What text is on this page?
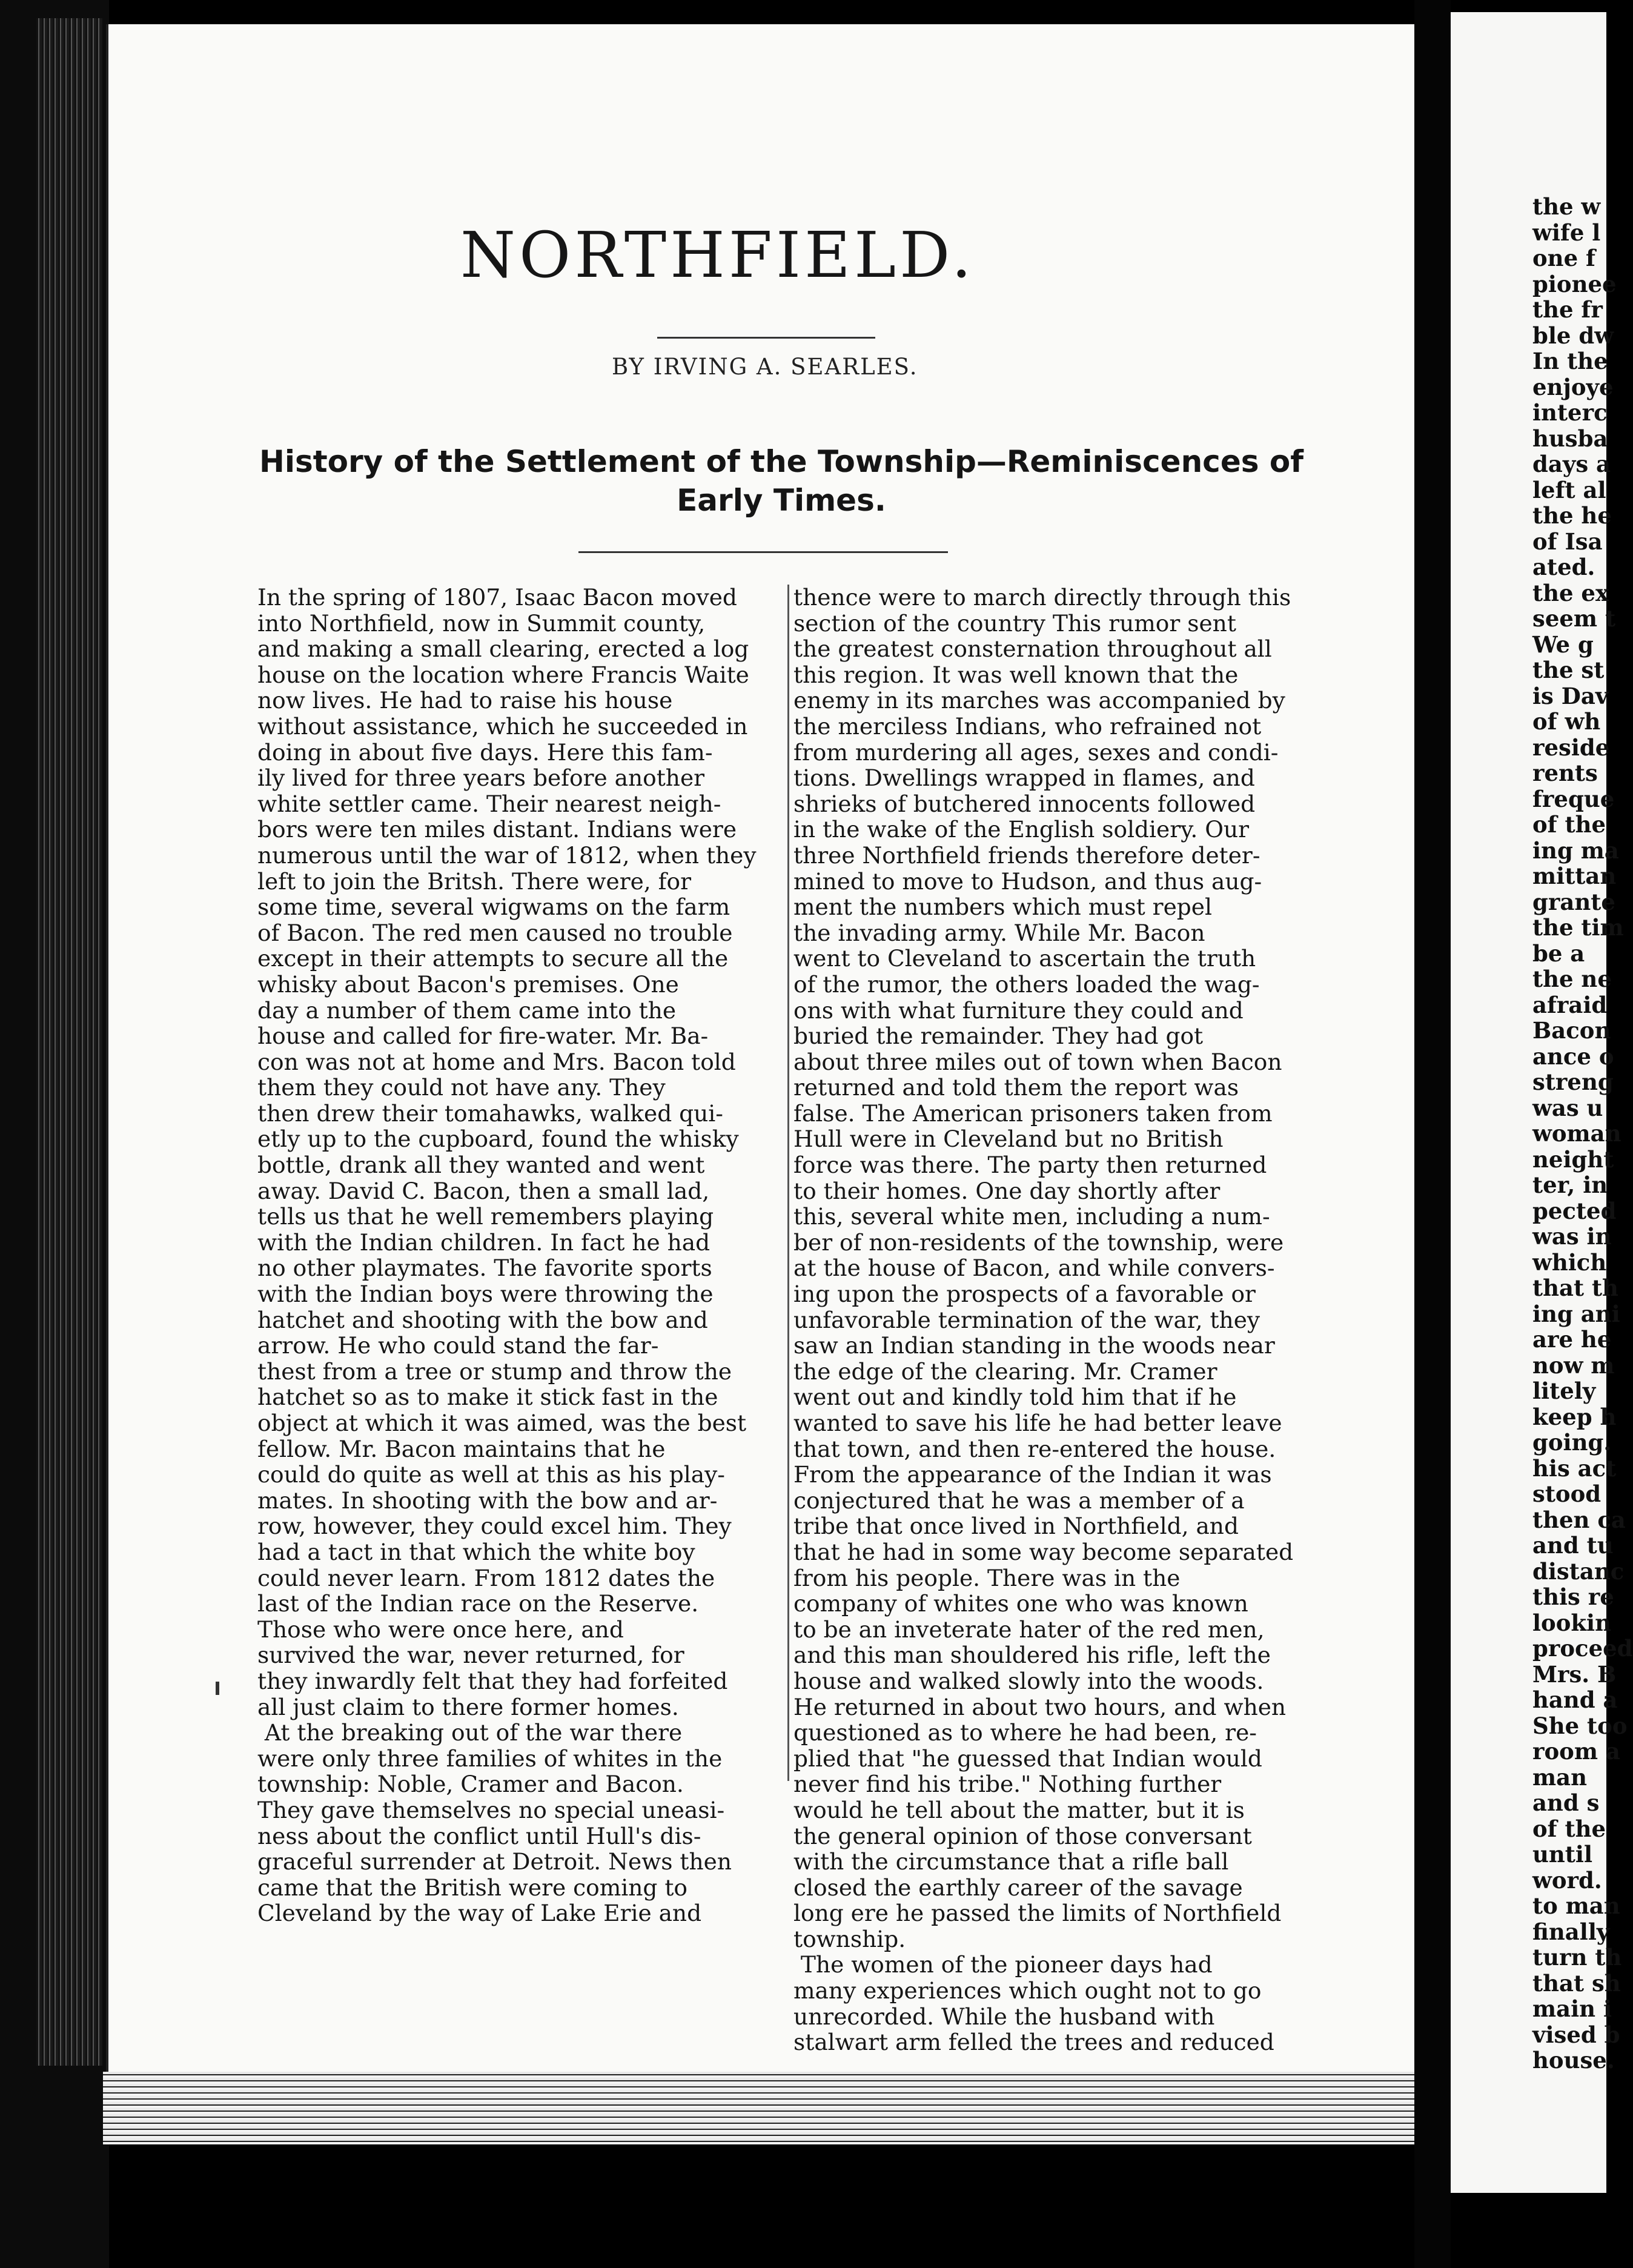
NORTHFIELD.
BY IRVING A. SEARLES.
History of the Settlement of the Township—Reminiscences of Early Times.
In the spring of 1807, Isaac Bacon moved
into Northfield, now in Summit county,
and making a small clearing, erected a log
house on the location where Francis Waite
now lives. He had to raise his house
without assistance, which he succeeded in
doing in about five days. Here this fam-
ily lived for three years before another
white settler came. Their nearest neigh-
bors were ten miles distant. Indians were
numerous until the war of 1812, when they
left to join the Britsh. There were, for
some time, several wigwams on the farm
of Bacon. The red men caused no trouble
except in their attempts to secure all the
whisky about Bacon's premises. One
day a number of them came into the
house and called for fire-water. Mr. Ba-
con was not at home and Mrs. Bacon told
them they could not have any. They
then drew their tomahawks, walked qui-
etly up to the cupboard, found the whisky
bottle, drank all they wanted and went
away. David C. Bacon, then a small lad,
tells us that he well remembers playing
with the Indian children. In fact he had
no other playmates. The favorite sports
with the Indian boys were throwing the
hatchet and shooting with the bow and
arrow. He who could stand the far-
thest from a tree or stump and throw the
hatchet so as to make it stick fast in the
object at which it was aimed, was the best
fellow. Mr. Bacon maintains that he
could do quite as well at this as his play-
mates. In shooting with the bow and ar-
row, however, they could excel him. They
had a tact in that which the white boy
could never learn. From 1812 dates the
last of the Indian race on the Reserve.
Those who were once here, and
survived the war, never returned, for
they inwardly felt that they had forfeited
all just claim to there former homes.
At the breaking out of the war there
were only three families of whites in the
township: Noble, Cramer and Bacon.
They gave themselves no special uneasi-
ness about the conflict until Hull's dis-
graceful surrender at Detroit. News then
came that the British were coming to
Cleveland by the way of Lake Erie and
thence were to march directly through this
section of the country This rumor sent
the greatest consternation throughout all
this region. It was well known that the
enemy in its marches was accompanied by
the merciless Indians, who refrained not
from murdering all ages, sexes and condi-
tions. Dwellings wrapped in flames, and
shrieks of butchered innocents followed
in the wake of the English soldiery. Our
three Northfield friends therefore deter-
mined to move to Hudson, and thus aug-
ment the numbers which must repel
the invading army. While Mr. Bacon
went to Cleveland to ascertain the truth
of the rumor, the others loaded the wag-
ons with what furniture they could and
buried the remainder. They had got
about three miles out of town when Bacon
returned and told them the report was
false. The American prisoners taken from
Hull were in Cleveland but no British
force was there. The party then returned
to their homes. One day shortly after
this, several white men, including a num-
ber of non-residents of the township, were
at the house of Bacon, and while convers-
ing upon the prospects of a favorable or
unfavorable termination of the war, they
saw an Indian standing in the woods near
the edge of the clearing. Mr. Cramer
went out and kindly told him that if he
wanted to save his life he had better leave
that town, and then re-entered the house.
From the appearance of the Indian it was
conjectured that he was a member of a
tribe that once lived in Northfield, and
that he had in some way become separated
from his people. There was in the
company of whites one who was known
to be an inveterate hater of the red men,
and this man shouldered his rifle, left the
house and walked slowly into the woods.
He returned in about two hours, and when
questioned as to where he had been, re-
plied that "he guessed that Indian would
never find his tribe." Nothing further
would he tell about the matter, but it is
the general opinion of those conversant
with the circumstance that a rifle ball
closed the earthly career of the savage
long ere he passed the limits of Northfield
township.
The women of the pioneer days had
many experiences which ought not to go
unrecorded. While the husband with
stalwart arm felled the trees and reduced
the w
wife l
one f
pionee
the fr
ble dw
In the
enjoye
interc
husba
days a
left al
the he
of Isa
ated.
the ex
seem t
We g
the st
is Dav
of wh
reside
rents
freque
of the
ing ma
mittan
grante
the tim
be a
the ne
afraid
Bacon
ance o
streng
was u
woman
neight
ter, in
pected
was in
which
that th
ing ani
are he
now m
litely
keep h
going.
his act
stood
then ca
and tu
distanc
this re
lookin
proceed
Mrs. B
hand a
She too
room a
man
and s
of the
until
word.
to man
finally
turn th
that sh
main i
vised b
house.
